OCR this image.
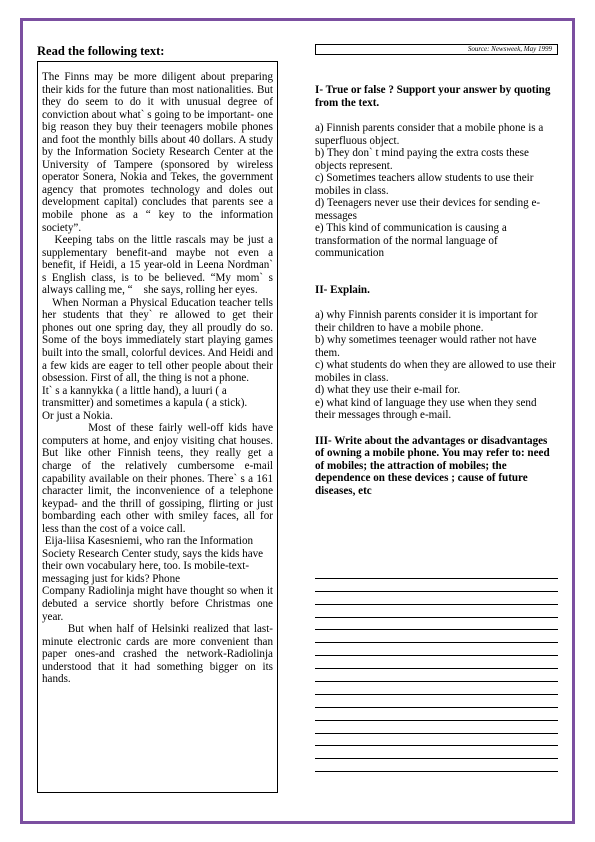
Read the following text:	Source: Newsweek, May 1999

The Finns may be more diligent about preparing their kids for the future than most nationalities. But they do seem to do it with unusual degree of conviction about what` s going to be important- one big reason they buy their teenagers mobile phones and foot the monthly bills about 40 dollars. A study by the Information Society Research Center at the University of Tampere (sponsored by wireless operator Sonera, Nokia and Tekes, the government agency that promotes technology and doles out development capital) concludes that parents see a mobile phone as a “ key to the information society”.

Keeping tabs on the little rascals may be just a supplementary benefit-and maybe not even a benefit, if Heidi, a 15 year-old in Leena Nordman` s English class, is to be believed. “My mom` s always calling me, “    she says, rolling her eyes.

When Norman a Physical Education teacher tells her students that they` re allowed to get their phones out one spring day, they all proudly do so. Some of the boys immediately start playing games built into the small, colorful devices. And Heidi and a few kids are eager to tell other people about their obsession. First of all, the thing is not a phone.

It` s a kannykka ( a little hand), a luuri ( a transmitter) and sometimes a kapula ( a stick).

Or just a Nokia.

Most of these fairly well-off kids have computers at home, and enjoy visiting chat houses. But like other Finnish teens, they really get a charge of the relatively cumbersome e-mail capability available on their phones. There` s a 161 character limit, the inconvenience of a telephone keypad- and the thrill of gossiping, flirting or just bombarding each other with smiley faces, all for less than the cost of a voice call.

Eija-liisa Kasesniemi, who ran the Information Society Research Center study, says the kids have their own vocabulary here, too. Is mobile-text-messaging just for kids? Phone

Company Radiolinja might have thought so when it debuted a service shortly before Christmas one year.

But when half of Helsinki realized that last-minute electronic cards are more convenient than paper ones-and crashed the network-Radiolinja understood that it had something bigger on its hands.

I- True or false ? Support your answer by quoting from the text.

a) Finnish parents consider that a mobile phone is a superfluous object.

b) They don` t mind paying the extra costs these objects represent.

c) Sometimes teachers allow students to use their mobiles in class.

d) Teenagers never use their devices for sending e-messages

e) This kind of communication is causing a transformation of the normal language of communication

II- Explain.

a) why Finnish parents consider it is important for their children to have a mobile phone.

b) why sometimes teenager would rather not have them.

c) what students do when they are allowed to use their mobiles in class.

d) what they use their e-mail for.

e) what kind of language they use when they send their messages through e-mail.

III- Write about the advantages or disadvantages of owning a mobile phone. You may refer to: need of mobiles; the attraction of mobiles; the dependence on these devices ; cause of future diseases, etc
